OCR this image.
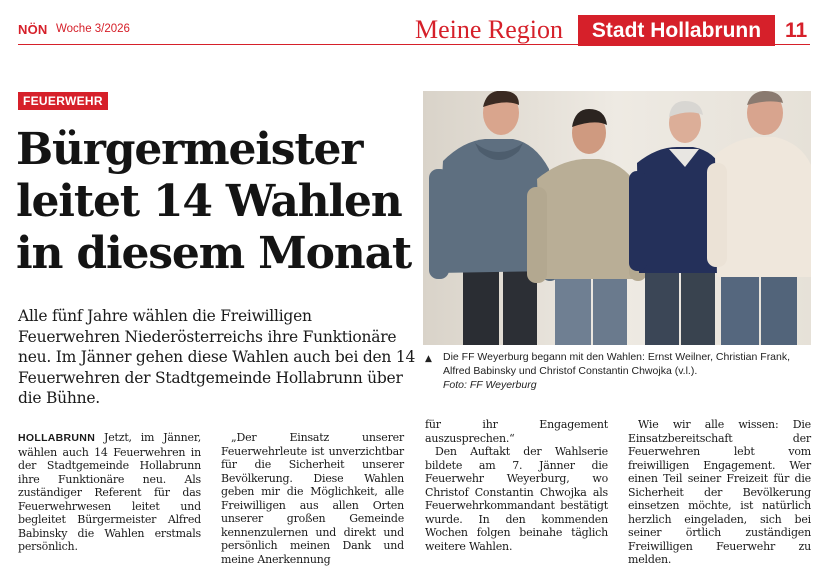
NÖN Woche 3/2026	Meine Region	Stadt Hollabrunn	11
FEUERWEHR
Bürgermeister leitet 14 Wahlen in diesem Monat

Alle fünf Jahre wählen die Freiwilligen Feuerwehren Niederösterreichs ihre Funktionäre neu. Im Jänner gehen diese Wahlen auch bei den 14 Feuerwehren der Stadtgemeinde Hollabrunn über die Bühne.

▲ Die FF Weyerburg begann mit den Wahlen: Ernst Weilner, Christian Frank, Alfred Babinsky und Christof Constantin Chwojka (v.l.).

Foto: FF Weyerburg

HOLLABRUNN Jetzt, im Jänner, wählen auch 14 Feuerwehren in der Stadtgemeinde Hollabrunn ihre Funktionäre neu. Als zuständiger Referent für das Feuerwehrwesen leitet und begleitet Bürgermeister Alfred Babinsky die Wahlen erstmals persönlich.

„Der Einsatz unserer Feuerwehrleute ist unverzichtbar für die Sicherheit unserer Bevölkerung. Diese Wahlen geben mir die Möglichkeit, alle Freiwilligen aus allen Orten unserer großen Gemeinde kennenzulernen und direkt und persönlich meinen Dank und meine Anerkennung

für ihr Engagement auszusprechen.“

Den Auftakt der Wahlserie bildete am 7. Jänner die Feuerwehr Weyerburg, wo Christof Constantin Chwojka als Feuerwehrkommandant bestätigt wurde. In den kommenden Wochen folgen beinahe täglich weitere Wahlen.

Wie wir alle wissen: Die Einsatzbereitschaft der Feuerwehren lebt vom freiwilligen Engagement. Wer einen Teil seiner Freizeit für die Sicherheit der Bevölkerung einsetzen möchte, ist natürlich herzlich eingeladen, sich bei seiner örtlich zuständigen Freiwilligen Feuerwehr zu melden.
